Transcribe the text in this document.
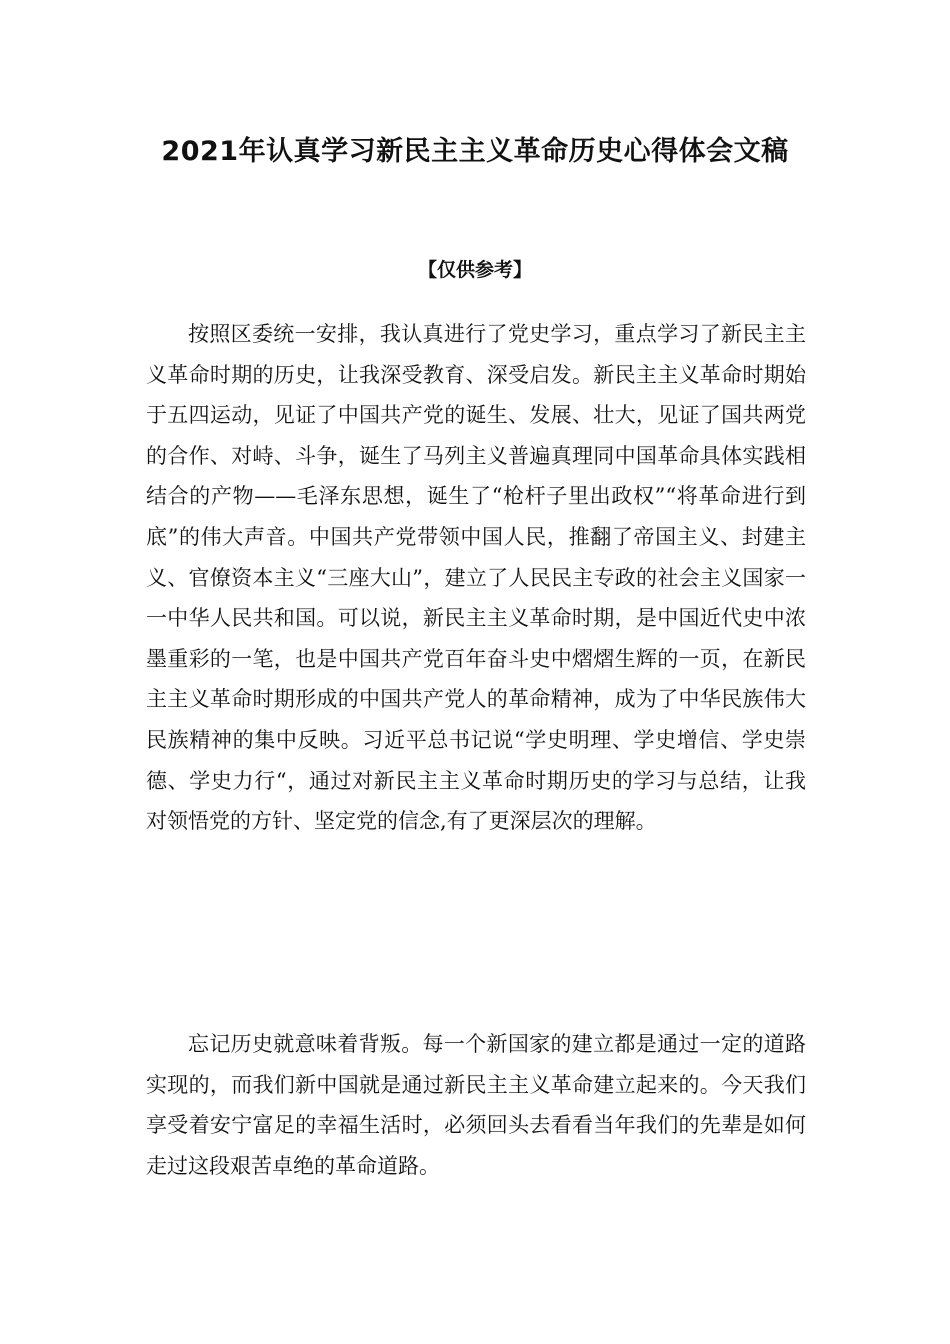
2021年认真学习新民主主义革命历史心得体会文稿

【仅供参考】

按照区委统一安排，我认真进行了党史学习，重点学习了新民主主义革命时期的历史，让我深受教育、深受启发。新民主主义革命时期始于五四运动，见证了中国共产党的诞生、发展、壮大，见证了国共两党的合作、对峙、斗争，诞生了马列主义普遍真理同中国革命具体实践相结合的产物——毛泽东思想，诞生了“枪杆子里出政权”“将革命进行到底”的伟大声音。中国共产党带领中国人民，推翻了帝国主义、封建主义、官僚资本主义“三座大山”，建立了人民民主专政的社会主义国家一一中华人民共和国。可以说，新民主主义革命时期，是中国近代史中浓墨重彩的一笔，也是中国共产党百年奋斗史中熠熠生辉的一页，在新民主主义革命时期形成的中国共产党人的革命精神，成为了中华民族伟大民族精神的集中反映。习近平总书记说“学史明理、学史增信、学史崇德、学史力行“，通过对新民主主义革命时期历史的学习与总结，让我对领悟党的方针、坚定党的信念,有了更深层次的理解。

忘记历史就意味着背叛。每一个新国家的建立都是通过一定的道路实现的，而我们新中国就是通过新民主主义革命建立起来的。今天我们享受着安宁富足的幸福生活时，必须回头去看看当年我们的先辈是如何走过这段艰苦卓绝的革命道路。
